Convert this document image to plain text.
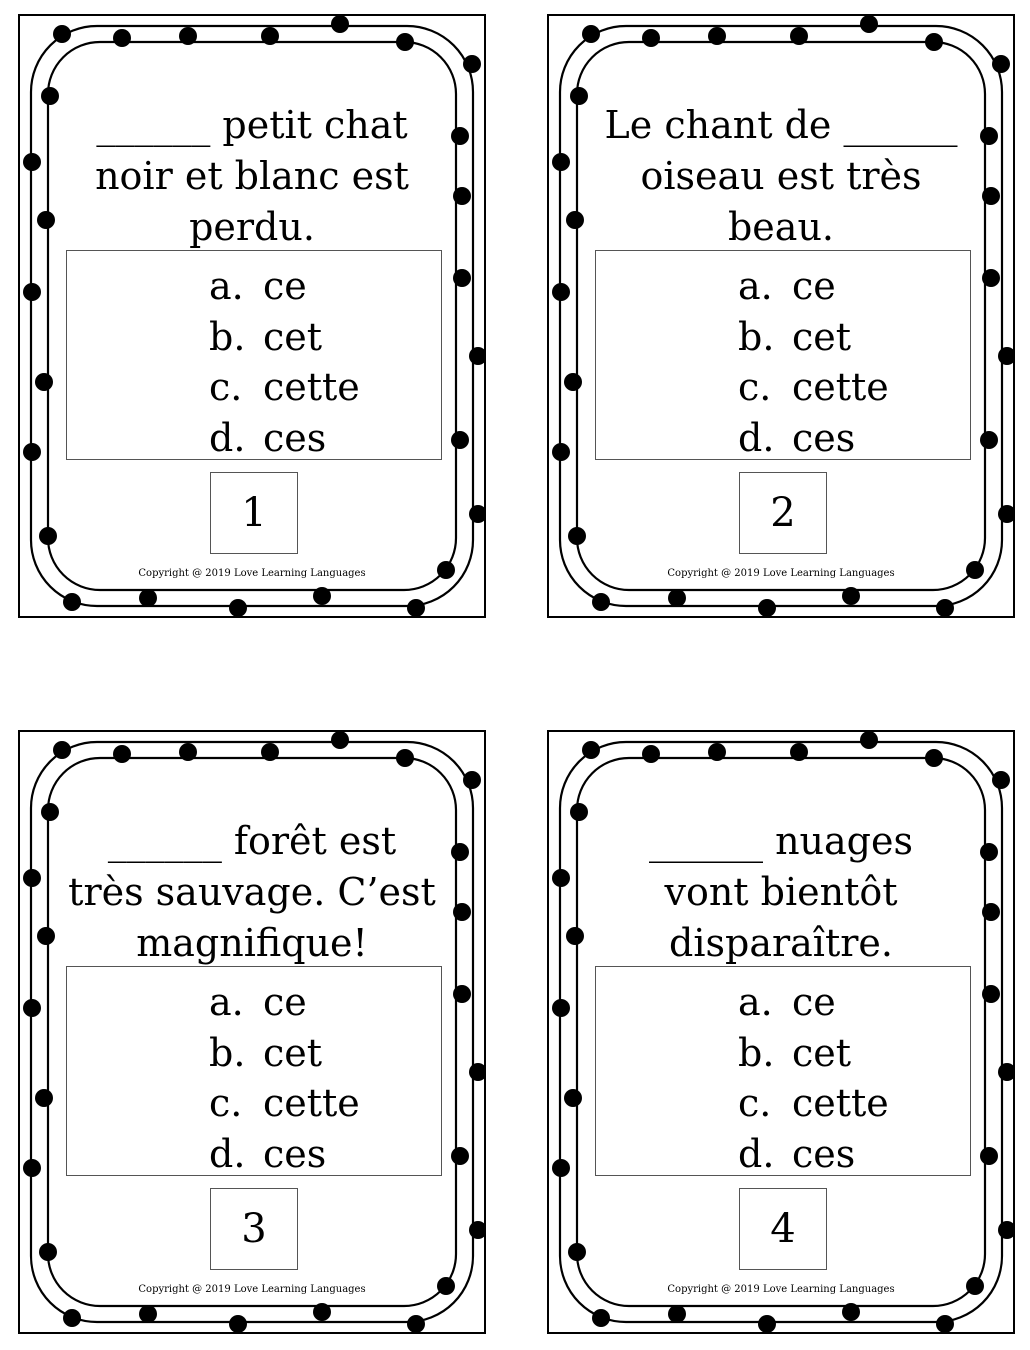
______ petit chat
noir et blanc est
perdu.
a. ce
b. cet
c. cette
d. ces
1
Copyright @ 2019 Love Learning Languages
Le chant de ______
oiseau est très
beau.
a. ce
b. cet
c. cette
d. ces
2
Copyright @ 2019 Love Learning Languages
______ forêt est
très sauvage. C’est
magnifique!
a. ce
b. cet
c. cette
d. ces
3
Copyright @ 2019 Love Learning Languages
______ nuages
vont bientôt
disparaître.
a. ce
b. cet
c. cette
d. ces
4
Copyright @ 2019 Love Learning Languages
